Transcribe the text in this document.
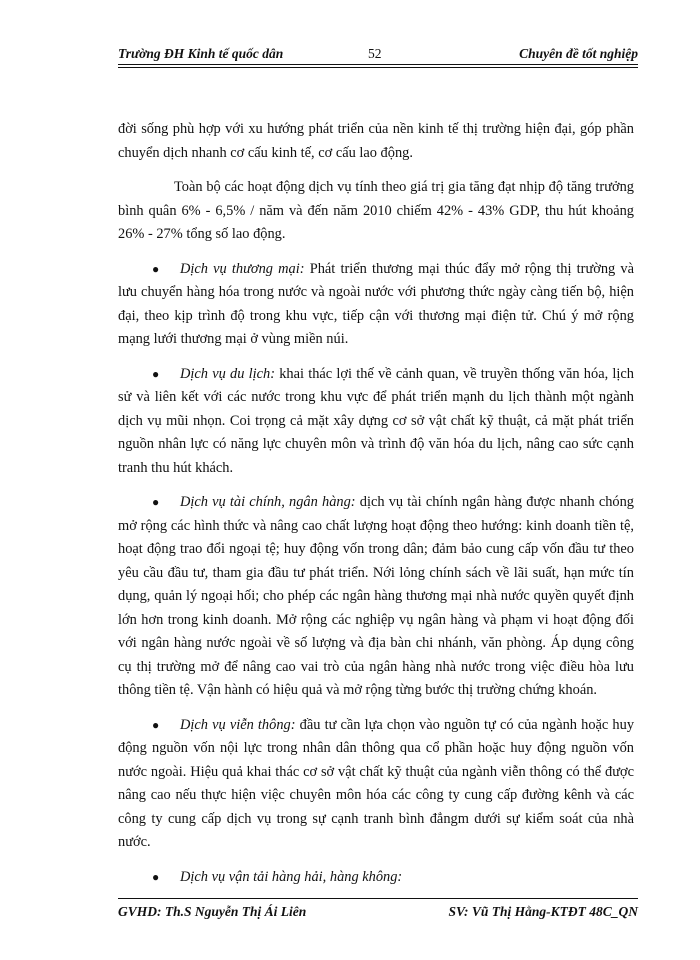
Trường ĐH Kinh tế quốc dân	52	Chuyên đề tốt nghiệp

đời sống phù hợp với xu hướng phát triển của nền kinh tế thị trường hiện đại, góp phần chuyển dịch nhanh cơ cấu kinh tế, cơ cấu lao động.

Toàn bộ các hoạt động dịch vụ tính theo giá trị gia tăng đạt nhịp độ tăng trưởng bình quân 6% - 6,5% / năm và đến năm 2010 chiếm 42% - 43% GDP, thu hút khoảng 26% - 27% tổng số lao động.

● Dịch vụ thương mại: Phát triển thương mại thúc đẩy mở rộng thị trường và lưu chuyển hàng hóa trong nước và ngoài nước với phương thức ngày càng tiến bộ, hiện đại, theo kịp trình độ trong khu vực, tiếp cận với thương mại điện tử. Chú ý mở rộng mạng lưới thương mại ở vùng miền núi.

● Dịch vụ du lịch: khai thác lợi thế về cảnh quan, về truyền thống văn hóa, lịch sử và liên kết với các nước trong khu vực để phát triển mạnh du lịch thành một ngành dịch vụ mũi nhọn. Coi trọng cả mặt xây dựng cơ sở vật chất kỹ thuật, cả mặt phát triển nguồn nhân lực có năng lực chuyên môn và trình độ văn hóa du lịch, nâng cao sức cạnh tranh thu hút khách.

● Dịch vụ tài chính, ngân hàng: dịch vụ tài chính ngân hàng được nhanh chóng mở rộng các hình thức và nâng cao chất lượng hoạt động theo hướng: kinh doanh tiền tệ, hoạt động trao đổi ngoại tệ; huy động vốn trong dân; đảm bảo cung cấp vốn đầu tư theo yêu cầu đầu tư, tham gia đầu tư phát triển. Nới lỏng chính sách về lãi suất, hạn mức tín dụng, quản lý ngoại hối; cho phép các ngân hàng thương mại nhà nước quyền quyết định lớn hơn trong kinh doanh. Mở rộng các nghiệp vụ ngân hàng và phạm vi hoạt động đối với ngân hàng nước ngoài về số lượng và địa bàn chi nhánh, văn phòng. Áp dụng công cụ thị trường mở để nâng cao vai trò của ngân hàng nhà nước trong việc điều hòa lưu thông tiền tệ. Vận hành có hiệu quả và mở rộng từng bước thị trường chứng khoán.

● Dịch vụ viễn thông: đầu tư cần lựa chọn vào nguồn tự có của ngành hoặc huy động nguồn vốn nội lực trong nhân dân thông qua cổ phần hoặc huy động nguồn vốn nước ngoài. Hiệu quả khai thác cơ sở vật chất kỹ thuật của ngành viễn thông có thể được nâng cao nếu thực hiện việc chuyên môn hóa các công ty cung cấp đường kênh và các công ty cung cấp dịch vụ trong sự cạnh tranh bình đẳngm dưới sự kiểm soát của nhà nước.

● Dịch vụ vận tải hàng hải, hàng không:

GVHD: Th.S Nguyễn Thị Ái Liên	SV: Vũ Thị Hằng-KTĐT 48C_QN
